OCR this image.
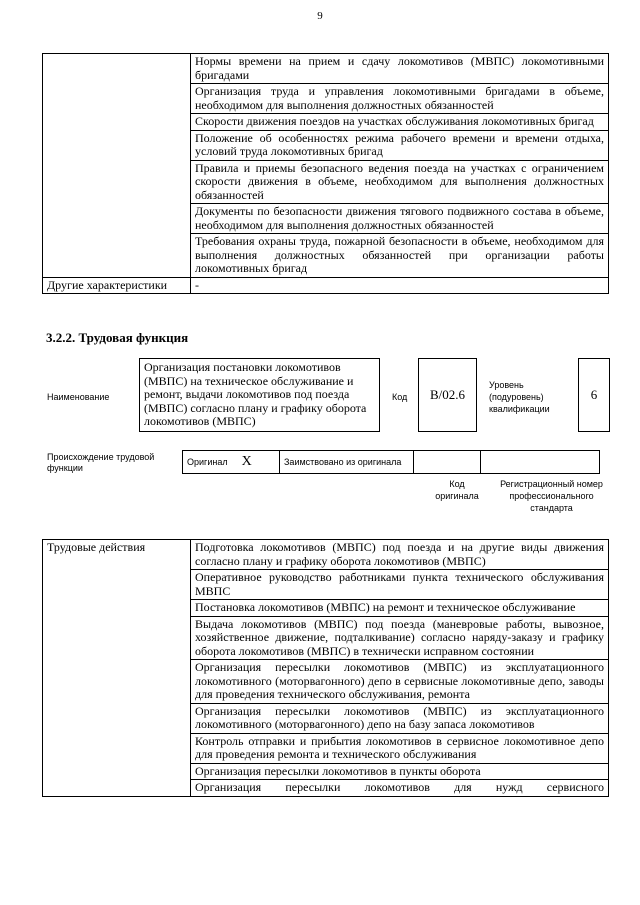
9
	Нормы времени на прием и сдачу локомотивов (МВПС) локомотивными бригадами
	Организация труда и управления локомотивными бригадами в объеме, необходимом для выполнения должностных обязанностей
	Скорости движения поездов на участках обслуживания локомотивных бригад
	Положение об особенностях режима рабочего времени и времени отдыха, условий труда локомотивных бригад
	Правила и приемы безопасного ведения поезда на участках с ограничением скорости движения в объеме, необходимом для выполнения должностных обязанностей
	Документы по безопасности движения тягового подвижного состава в объеме, необходимом для выполнения должностных обязанностей
	Требования охраны труда, пожарной безопасности в объеме, необходимом для выполнения должностных обязанностей при организации работы локомотивных бригад
Другие характеристики	-
3.2.2. Трудовая функция
Наименование
Организация постановки локомотивов (МВПС) на техническое обслуживание и ремонт, выдачи локомотивов под поезда (МВПС) согласно плану и графику оборота локомотивов (МВПС)
Код	B/02.6
Уровень (подуровень) квалификации
6
Происхождение трудовой функции
Оригинал X	Заимствовано из оригинала		
Код оригинала
Регистрационный номер профессионального стандарта
Трудовые действия	Подготовка локомотивов (МВПС) под поезда и на другие виды движения согласно плану и графику оборота локомотивов (МВПС)
Оперативное руководство работниками пункта технического обслуживания МВПС
Постановка локомотивов (МВПС) на ремонт и техническое обслуживание
Выдача локомотивов (МВПС) под поезда (маневровые работы, вывозное, хозяйственное движение, подталкивание) согласно наряду-заказу и графику оборота локомотивов (МВПС) в технически исправном состоянии
Организация пересылки локомотивов (МВПС) из эксплуатационного локомотивного (моторвагонного) депо в сервисные локомотивные депо, заводы для проведения технического обслуживания, ремонта
Организация пересылки локомотивов (МВПС) из эксплуатационного локомотивного (моторвагонного) депо на базу запаса локомотивов
Контроль отправки и прибытия локомотивов в сервисное локомотивное депо для проведения ремонта и технического обслуживания
Организация пересылки локомотивов в пункты оборота
Организация пересылки локомотивов для нужд сервисного
